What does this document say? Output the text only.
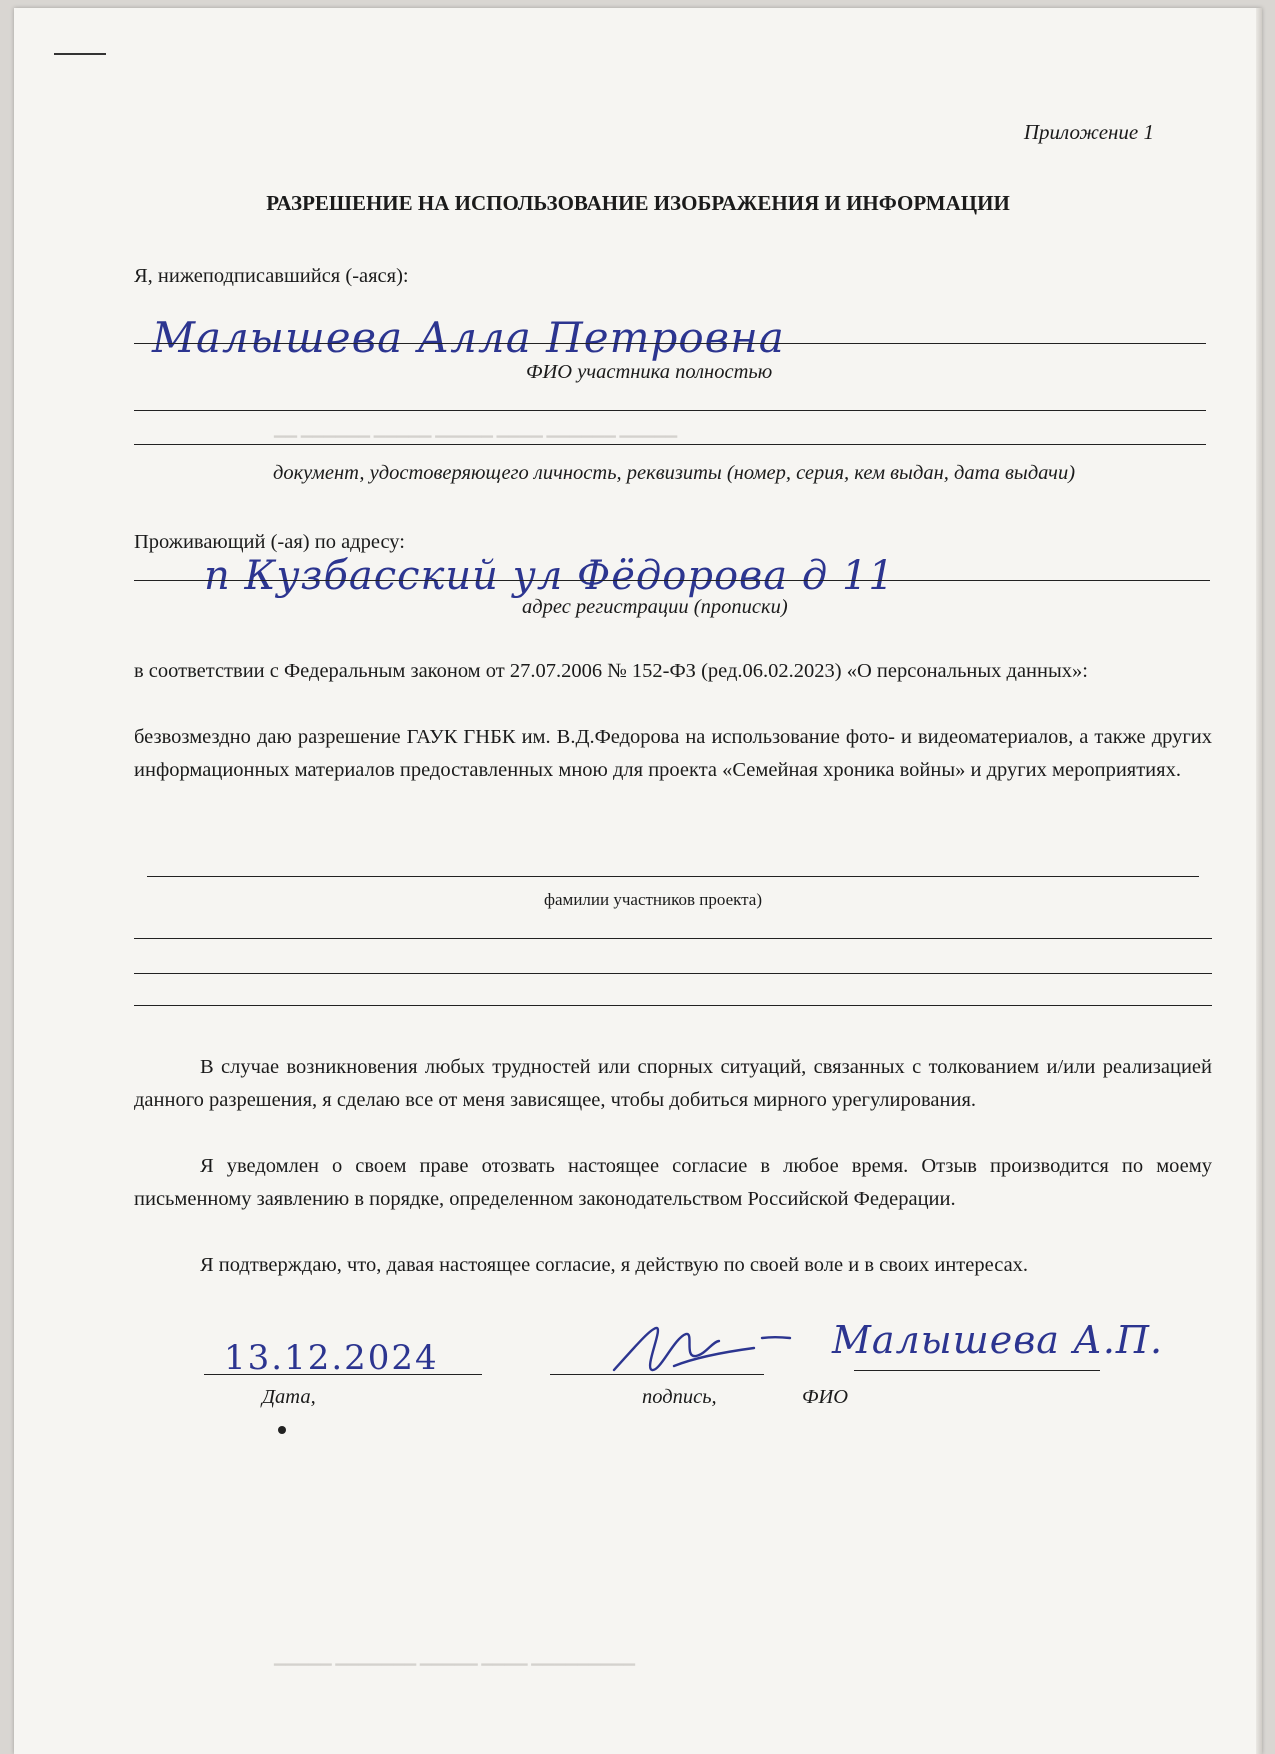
▁▁ ▁▁▁▁▁▁ ▁▁▁▁▁ ▁▁▁▁▁ ▁▁▁▁ ▁▁▁▁▁▁ ▁▁▁▁▁
▁▁▁▁▁ ▁▁▁▁▁▁▁ ▁▁▁▁▁ ▁▁▁▁ ▁▁▁▁▁▁▁▁▁
Приложение 1
РАЗРЕШЕНИЕ НА ИСПОЛЬЗОВАНИЕ ИЗОБРАЖЕНИЯ И ИНФОРМАЦИИ
Я, нижеподписавшийся (-аяся):
Малышева Алла Петровна
ФИО участника полностью
документ, удостоверяющего личность, реквизиты (номер, серия, кем выдан, дата выдачи)
Проживающий (-ая) по адресу:
п Кузбасский ул Фёдорова д 11
адрес регистрации (прописки)
в соответствии с Федеральным законом от 27.07.2006 № 152-ФЗ (ред.06.02.2023) «О персональных данных»:
безвозмездно даю разрешение ГАУК ГНБК им. В.Д.Федорова на использование фото- и видеоматериалов, а также других информационных материалов предоставленных мною для проекта «Семейная хроника войны» и других мероприятиях.
фамилии участников проекта)
В случае возникновения любых трудностей или спорных ситуаций, связанных с толкованием и/или реализацией данного разрешения, я сделаю все от меня зависящее, чтобы добиться мирного урегулирования.
Я уведомлен о своем праве отозвать настоящее согласие в любое время. Отзыв производится по моему письменному заявлению в порядке, определенном законодательством Российской Федерации.
Я подтверждаю, что, давая настоящее согласие, я действую по своей воле и в своих интересах.
13.12.2024	Малышева А.П.
Дата,	подпись,	ФИО
